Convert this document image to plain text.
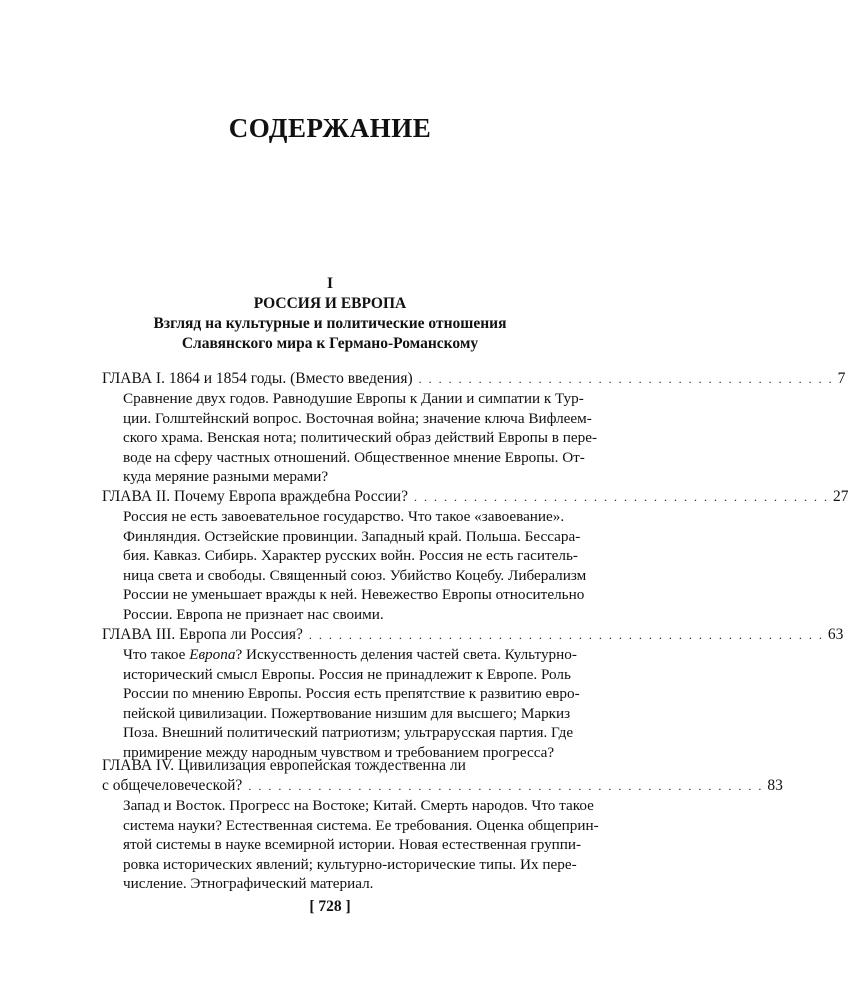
СОДЕРЖАНИЕ
I
РОССИЯ И ЕВРОПА
Взгляд на культурные и политические отношения
Славянского мира к Германо-Романскому
ГЛАВА I. 1864 и 1854 годы. (Вместо введения) . . . . . . . . . . . . . . . . . . . . . . . . . . . . . . . . . . . . . . . . . . 7
Сравнение двух годов. Равнодушие Европы к Дании и симпатии к Тур-
ции. Голштейнский вопрос. Восточная война; значение ключа Вифлеем-
ского храма. Венская нота; политический образ действий Европы в пере-
воде на сферу частных отношений. Общественное мнение Европы. От-
куда меряние разными мерами?
ГЛАВА II. Почему Европа враждебна России? . . . . . . . . . . . . . . . . . . . . . . . . . . . . . . . . . . . . . . . . . . 27
Россия не есть завоевательное государство. Что такое «завоевание».
Финляндия. Остзейские провинции. Западный край. Польша. Бессара-
бия. Кавказ. Сибирь. Характер русских войн. Россия не есть гаситель-
ница света и свободы. Священный союз. Убийство Коцебу. Либерализм
России не уменьшает вражды к ней. Невежество Европы относительно
России. Европа не признает нас своими.
ГЛАВА III. Европа ли Россия? . . . . . . . . . . . . . . . . . . . . . . . . . . . . . . . . . . . . . . . . . . . . . . . . . . . . 63
Что такое Европа? Искусственность деления частей света. Культурно-
исторический смысл Европы. Россия не принадлежит к Европе. Роль
России по мнению Европы. Россия есть препятствие к развитию евро-
пейской цивилизации. Пожертвование низшим для высшего; Маркиз
Поза. Внешний политический патриотизм; ультрарусская партия. Где
примирение между народным чувством и требованием прогресса?
ГЛАВА IV. Цивилизация европейская тождественна ли
с общечеловеческой? . . . . . . . . . . . . . . . . . . . . . . . . . . . . . . . . . . . . . . . . . . . . . . . . . . . . 83
Запад и Восток. Прогресс на Востоке; Китай. Смерть народов. Что такое
система науки? Естественная система. Ее требования. Оценка общеприн-
ятой системы в науке всемирной истории. Новая естественная группи-
ровка исторических явлений; культурно-исторические типы. Их пере-
числение. Этнографический материал.
[ 728 ]
